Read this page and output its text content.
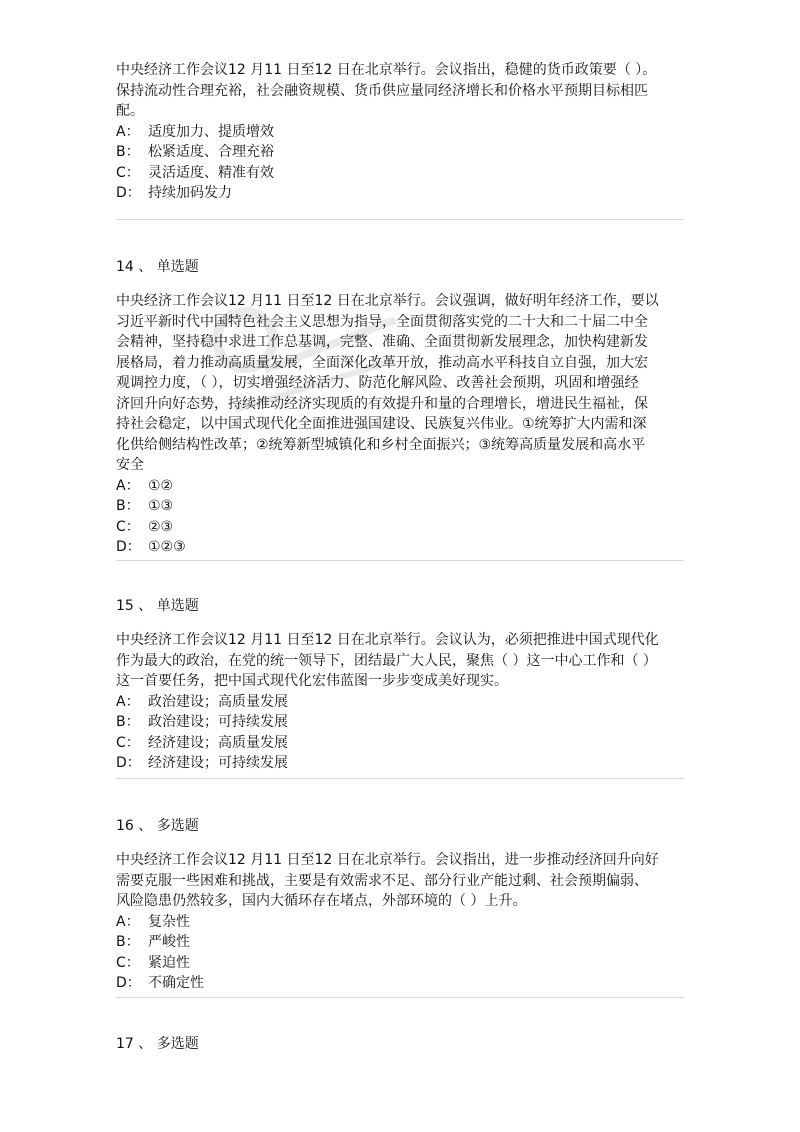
中央经济工作会议12 月11 日至12 日在北京举行。会议指出，稳健的货币政策要（ ）。
保持流动性合理充裕，社会融资规模、货币供应量同经济增长和价格水平预期目标相匹
配。
A： 适度加力、提质增效
B： 松紧适度、合理充裕
C： 灵活适度、精准有效
D： 持续加码发力
14 、 单选题
中央经济工作会议12 月11 日至12 日在北京举行。会议强调，做好明年经济工作，要以
习近平新时代中国特色社会主义思想为指导，全面贯彻落实党的二十大和二十届二中全
会精神，坚持稳中求进工作总基调，完整、准确、全面贯彻新发展理念，加快构建新发
展格局，着力推动高质量发展，全面深化改革开放，推动高水平科技自立自强，加大宏
观调控力度，（ ），切实增强经济活力、防范化解风险、改善社会预期，巩固和增强经
济回升向好态势，持续推动经济实现质的有效提升和量的合理增长，增进民生福祉，保
持社会稳定，以中国式现代化全面推进强国建设、民族复兴伟业。①统筹扩大内需和深
化供给侧结构性改革；②统筹新型城镇化和乡村全面振兴；③统筹高质量发展和高水平
安全
A： ①②
B： ①③
C： ②③
D： ①②③
15 、 单选题
中央经济工作会议12 月11 日至12 日在北京举行。会议认为，必须把推进中国式现代化
作为最大的政治，在党的统一领导下，团结最广大人民，聚焦（ ）这一中心工作和（ ）
这一首要任务，把中国式现代化宏伟蓝图一步步变成美好现实。
A： 政治建设；高质量发展
B： 政治建设；可持续发展
C： 经济建设；高质量发展
D： 经济建设；可持续发展
16 、 多选题
中央经济工作会议12 月11 日至12 日在北京举行。会议指出，进一步推动经济回升向好
需要克服一些困难和挑战，主要是有效需求不足、部分行业产能过剩、社会预期偏弱、
风险隐患仍然较多，国内大循环存在堵点，外部环境的（ ）上升。
A： 复杂性
B： 严峻性
C： 紧迫性
D： 不确定性
17 、 多选题
